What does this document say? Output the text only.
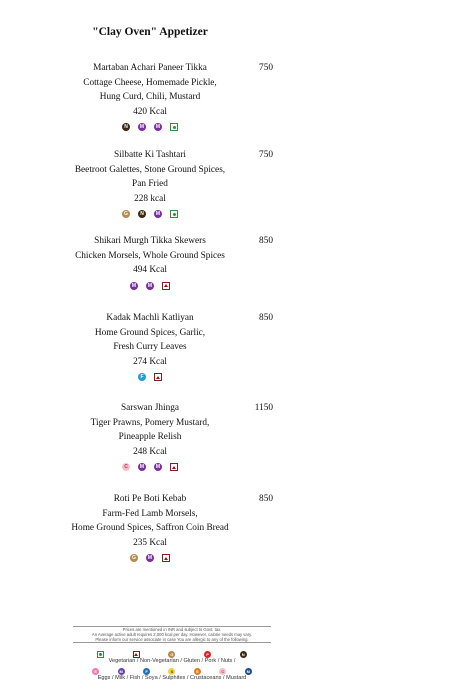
"Clay Oven" Appetizer
Martaban Achari Paneer Tikka	750
Cottage Cheese, Homemade Pickle,
Hung Curd, Chili, Mustard
420 Kcal
N	M	M
Silbatte Ki Tashtari	750
Beetroot Galettes, Stone Ground Spices,
Pan Fried
228 kcal
G	N	M
Shikari Murgh Tikka Skewers	850
Chicken Morsels, Whole Ground Spices
494 Kcal
M	M
Kadak Machli Katliyan	850
Home Ground Spices, Garlic,
Fresh Curry Leaves
274 Kcal
F
Sarswan Jhinga	1150
Tiger Prawns, Pomery Mustard,
Pineapple Relish
248 Kcal
C	M	M
Roti Pe Boti Kebab	850
Farm-Fed Lamb Morsels,
Home Ground Spices, Saffron Coin Bread
235 Kcal
G	M
Prices are mentioned in INR and subject to Govt. tax.
An Average active adult requires 2,000 kcal per day. However, calorie needs may vary.
Please inform our service associate in case You are allergic to any of the following.
G	P	N
Vegetarian / Non-Vegetarian / Gluten / Pork / Nuts /
E	M	F	S	S	C	M
Eggs / Milk / Fish / Soya / Sulphites / Crustaceans / Mustard
